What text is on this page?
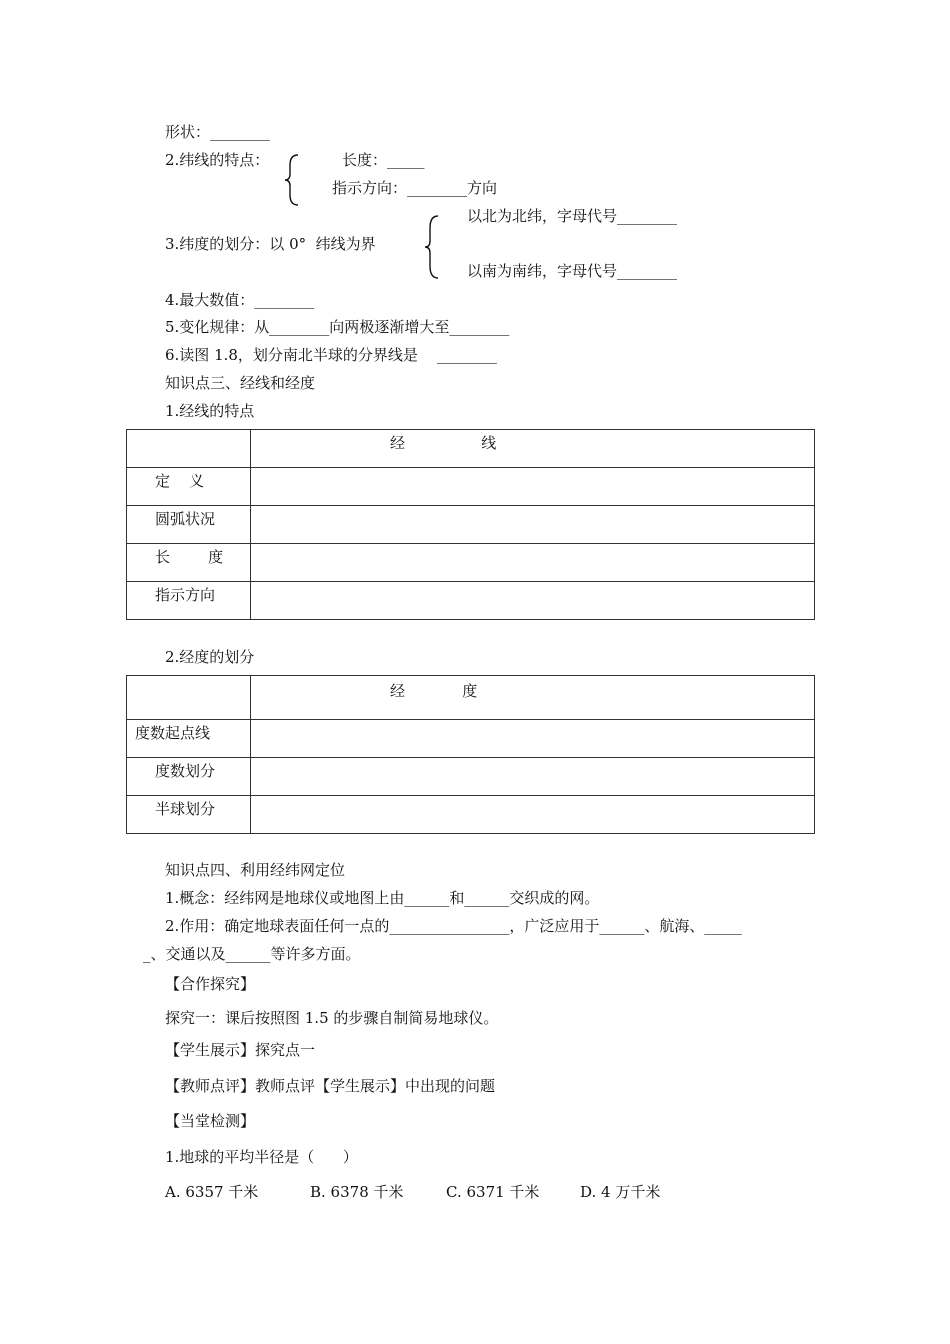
形状：________
2.纬线的特点：	长度：_____
指示方向：________方向
3.纬度的划分：以 0°  纬线为界
以北为北纬，字母代号________
以南为南纬，字母代号________
4.最大数值：________
5.变化规律：从________向两极逐渐增大至________
6.读图 1.8，划分南北半球的分界线是    ________
知识点三、经线和经度
1.经线的特点
	经                线
定    义	
圆弧状况	
长        度	
指示方向	
2.经度的划分
	经            度
度数起点线	
度数划分	
半球划分	
知识点四、利用经纬网定位
1.概念：经纬网是地球仪或地图上由______和______交织成的网。
2.作用：确定地球表面任何一点的________________，广泛应用于______、航海、_____
_、交通以及______等许多方面。
【合作探究】
探究一：课后按照图 1.5 的步骤自制简易地球仪。
【学生展示】探究点一
【教师点评】教师点评【学生展示】中出现的问题
【当堂检测】
1.地球的平均半径是（      ）
A. 6357 千米	B. 6378 千米	C. 6371 千米	D. 4 万千米
